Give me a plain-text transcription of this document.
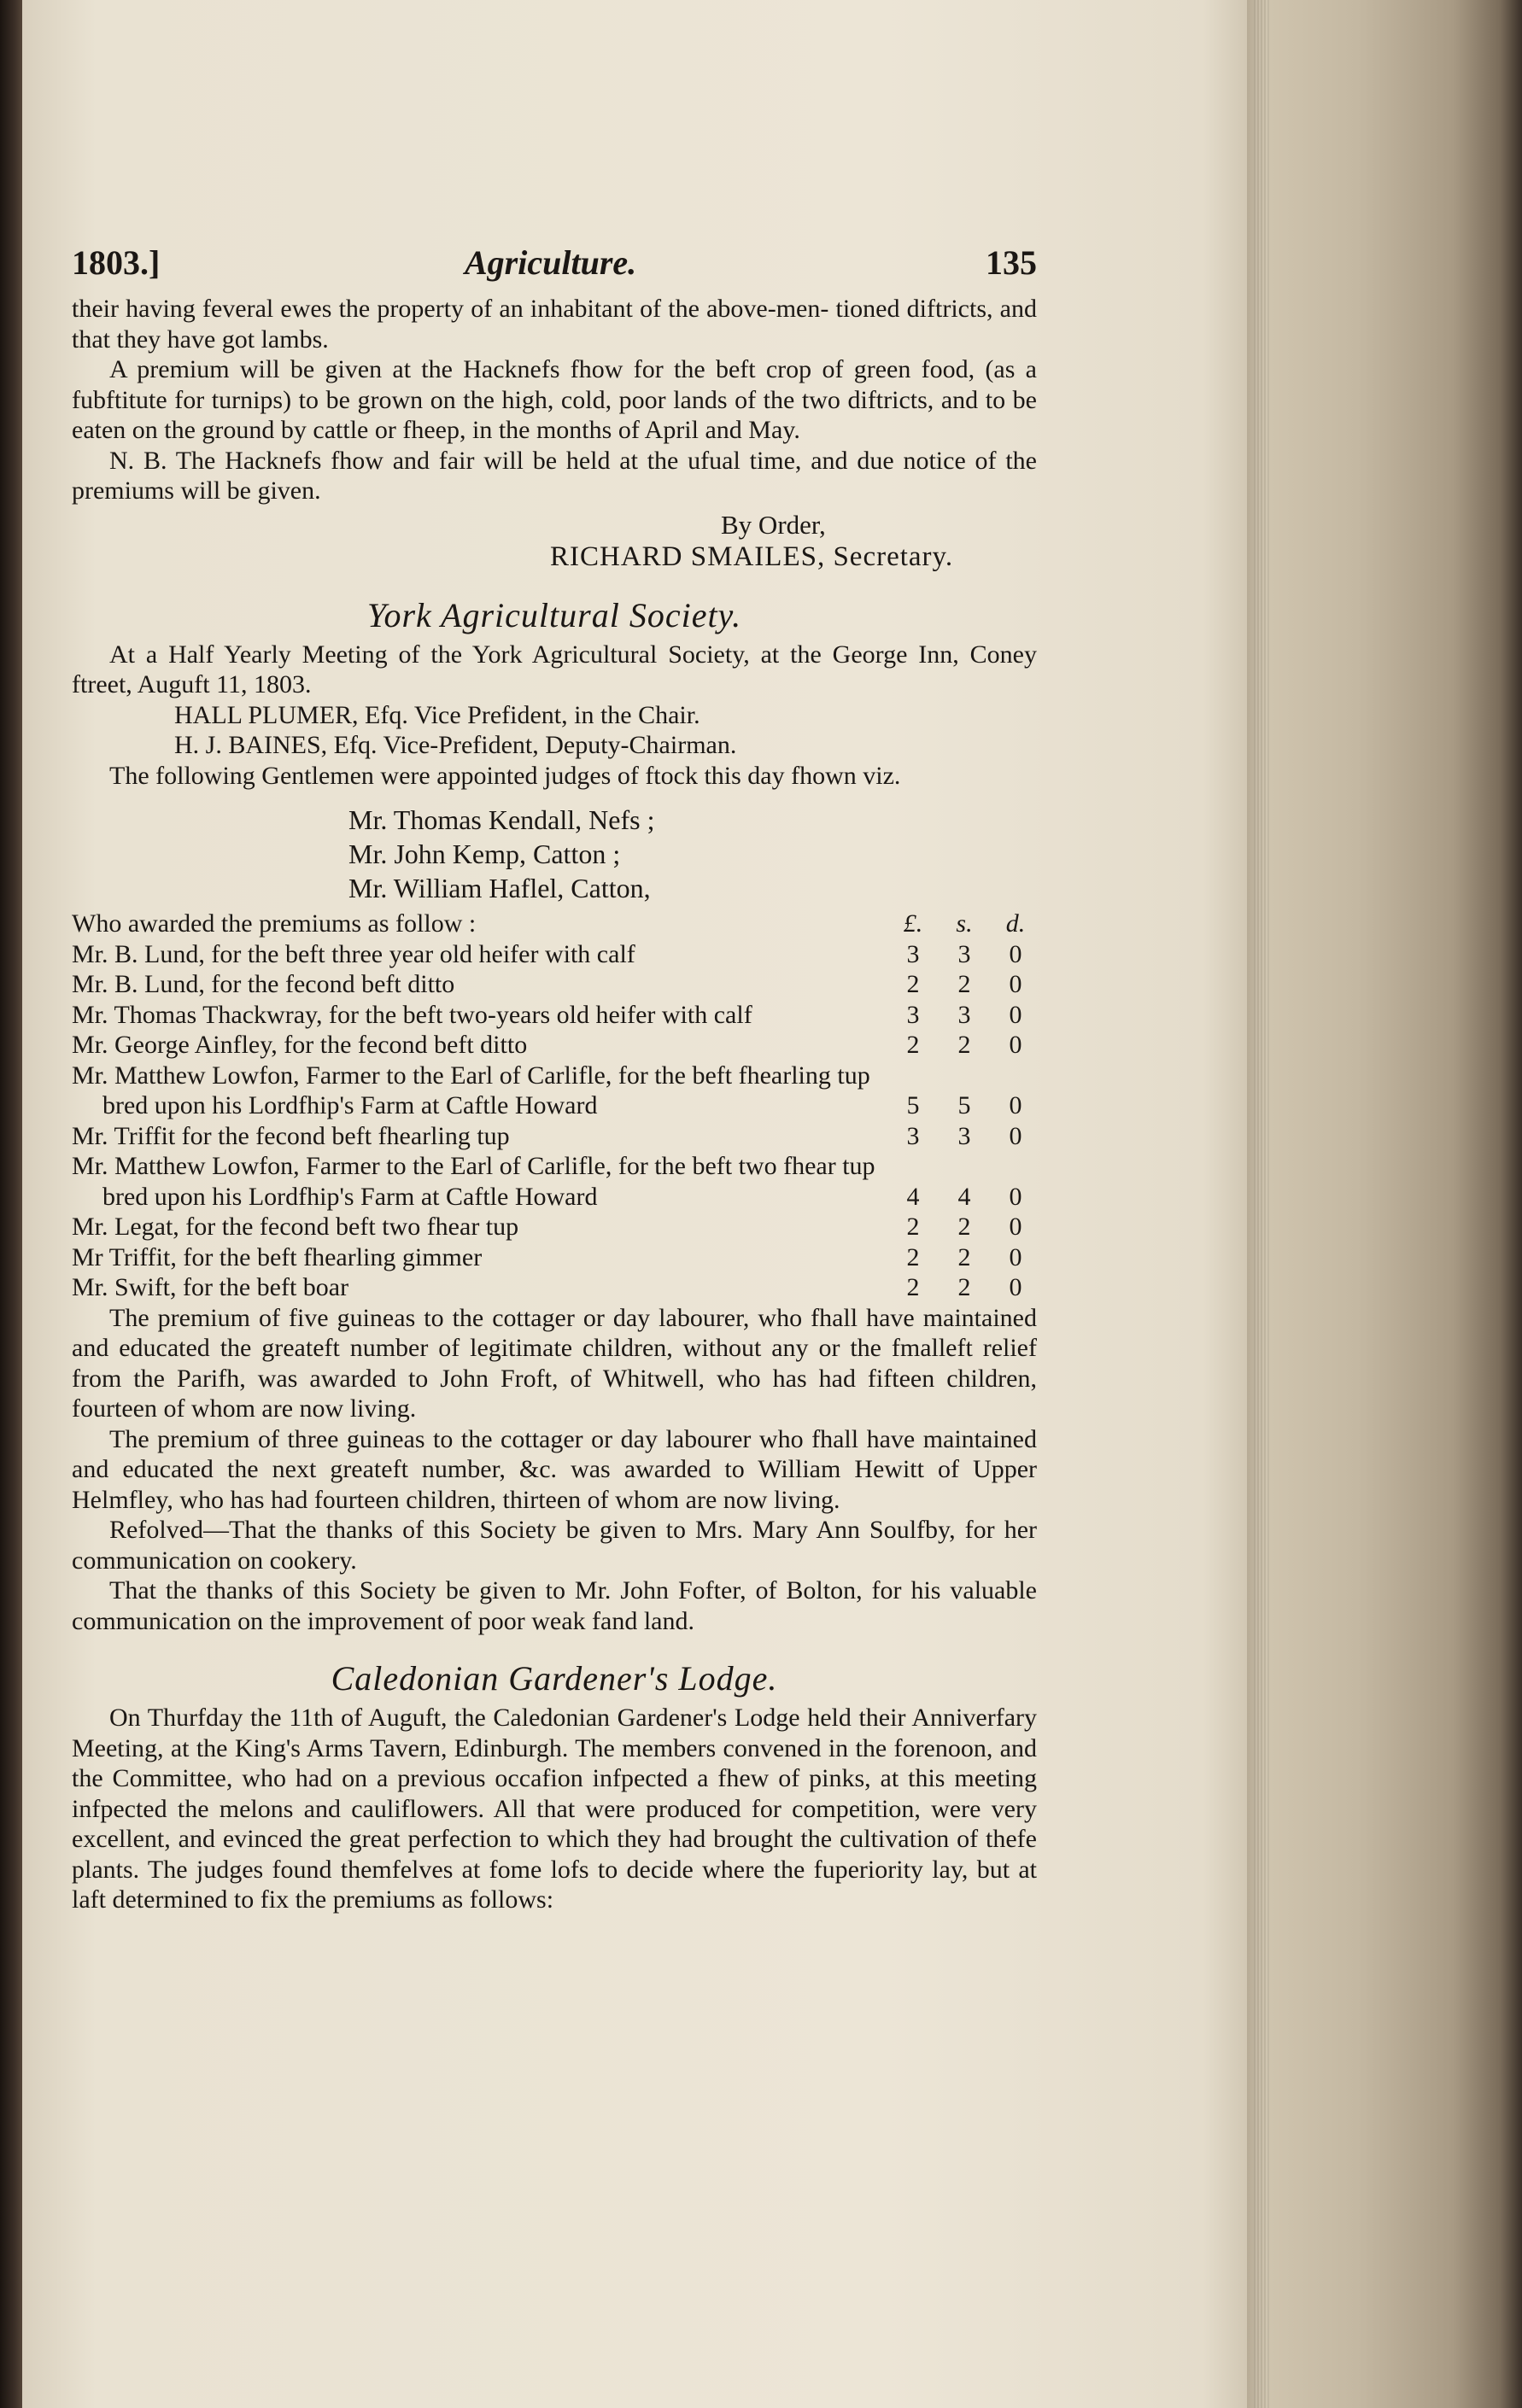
1803.]	Agriculture.	135

their having feveral ewes the property of an inhabitant of the above-men- tioned diftricts, and that they have got lambs.

A premium will be given at the Hacknefs fhow for the beft crop of green food, (as a fubftitute for turnips) to be grown on the high, cold, poor lands of the two diftricts, and to be eaten on the ground by cattle or fheep, in the months of April and May.

N. B. The Hacknefs fhow and fair will be held at the ufual time, and due notice of the premiums will be given.

By Order,

RICHARD SMAILES, Secretary.

York Agricultural Society.

At a Half Yearly Meeting of the York Agricultural Society, at the George Inn, Coney ftreet, Auguft 11, 1803.

HALL PLUMER, Efq. Vice Prefident, in the Chair.

H. J. BAINES, Efq. Vice-Prefident, Deputy-Chairman.

The following Gentlemen were appointed judges of ftock this day fhown viz.

Mr. Thomas Kendall, Nefs ;

Mr. John Kemp, Catton ;

Mr. William Haflel, Catton,

Who awarded the premiums as follow :	£.	s.	d.
Mr. B. Lund, for the beft three year old heifer with calf	3	3	0
Mr. B. Lund, for the fecond beft ditto	2	2	0
Mr. Thomas Thackwray, for the beft two-years old heifer with calf	3	3	0
Mr. George Ainfley, for the fecond beft ditto	2	2	0
Mr. Matthew Lowfon, Farmer to the Earl of Carlifle, for the beft fhearling tup bred upon his Lordfhip's Farm at Caftle Howard	5	5	0
Mr. Triffit for the fecond beft fhearling tup	3	3	0
Mr. Matthew Lowfon, Farmer to the Earl of Carlifle, for the beft two fhear tup bred upon his Lordfhip's Farm at Caftle Howard	4	4	0
Mr. Legat, for the fecond beft two fhear tup	2	2	0
Mr Triffit, for the beft fhearling gimmer	2	2	0
Mr. Swift, for the beft boar	2	2	0

The premium of five guineas to the cottager or day labourer, who fhall have maintained and educated the greateft number of legitimate children, without any or the fmalleft relief from the Parifh, was awarded to John Froft, of Whitwell, who has had fifteen children, fourteen of whom are now living.

The premium of three guineas to the cottager or day labourer who fhall have maintained and educated the next greateft number, &c. was awarded to William Hewitt of Upper Helmfley, who has had fourteen children, thirteen of whom are now living.

Refolved—That the thanks of this Society be given to Mrs. Mary Ann Soulfby, for her communication on cookery.

That the thanks of this Society be given to Mr. John Fofter, of Bolton, for his valuable communication on the improvement of poor weak fand land.

Caledonian Gardener's Lodge.

On Thurfday the 11th of Auguft, the Caledonian Gardener's Lodge held their Anniverfary Meeting, at the King's Arms Tavern, Edinburgh. The members convened in the forenoon, and the Committee, who had on a previous occafion infpected a fhew of pinks, at this meeting infpected the melons and cauliflowers. All that were produced for competition, were very excellent, and evinced the great perfection to which they had brought the cultivation of thefe plants. The judges found themfelves at fome lofs to decide where the fuperiority lay, but at laft determined to fix the premiums as follows:
